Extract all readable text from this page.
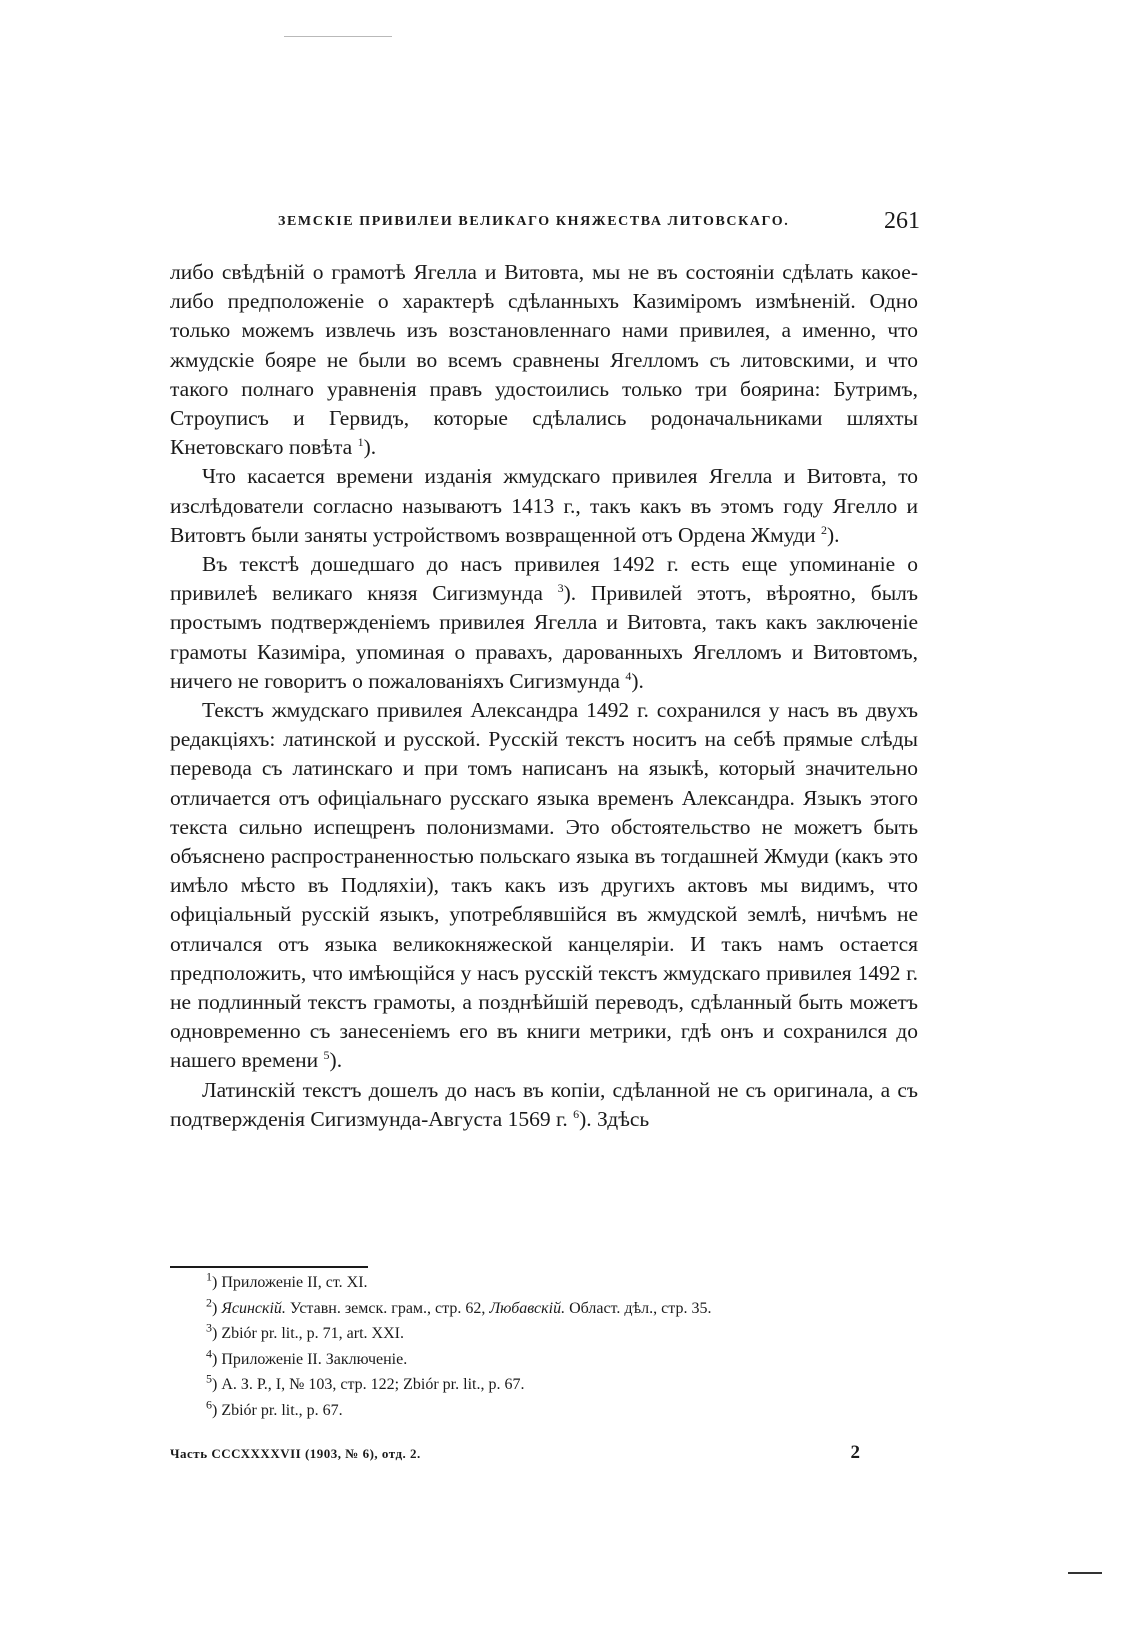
ЗЕМСКІЕ ПРИВИЛЕИ ВЕЛИКАГО КНЯЖЕСТВА ЛИТОВСКАГО.	261

либо свѣдѣній о грамотѣ Ягелла и Витовта, мы не въ состояніи сдѣлать какое-либо предположеніе о характерѣ сдѣланныхъ Казиміромъ измѣненій. Одно только можемъ извлечь изъ возстановленнаго нами привилея, а именно, что жмудскіе бояре не были во всемъ сравнены Ягелломъ съ литовскими, и что такого полнаго уравненія правъ удостоились только три боярина: Бутримъ, Строуписъ и Гервидъ, которые сдѣлались родоначальниками шляхты Кнетовскаго повѣта $^1$).

Что касается времени изданія жмудскаго привилея Ягелла и Витовта, то изслѣдователи согласно называютъ 1413 г., такъ какъ въ этомъ году Ягелло и Витовтъ были заняты устройствомъ возвращенной отъ Ордена Жмуди $^2$).

Въ текстѣ дошедшаго до насъ привилея 1492 г. есть еще упоминаніе о привилеѣ великаго князя Сигизмунда $^3$). Привилей этотъ, вѣроятно, былъ простымъ подтвержденіемъ привилея Ягелла и Витовта, такъ какъ заключеніе грамоты Казиміра, упоминая о правахъ, дарованныхъ Ягелломъ и Витовтомъ, ничего не говоритъ о пожалованіяхъ Сигизмунда $^4$).

Текстъ жмудскаго привилея Александра 1492 г. сохранился у насъ въ двухъ редакціяхъ: латинской и русской. Русскій текстъ носитъ на себѣ прямые слѣды перевода съ латинскаго и при томъ написанъ на языкѣ, который значительно отличается отъ офиціальнаго русскаго языка временъ Александра. Языкъ этого текста сильно испещренъ полонизмами. Это обстоятельство не можетъ быть объяснено распространенностью польскаго языка въ тогдашней Жмуди (какъ это имѣло мѣсто въ Подляхіи), такъ какъ изъ другихъ актовъ мы видимъ, что офиціальный русскій языкъ, употреблявшійся въ жмудской землѣ, ничѣмъ не отличался отъ языка великокняжеской канцеляріи. И такъ намъ остается предположить, что имѣющійся у насъ русскій текстъ жмудскаго привилея 1492 г. не подлинный текстъ грамоты, а позднѣйшій переводъ, сдѣланный быть можетъ одновременно съ занесеніемъ его въ книги метрики, гдѣ онъ и сохранился до нашего времени $^5$).

Латинскій текстъ дошелъ до насъ въ копіи, сдѣланной не съ оригинала, а съ подтвержденія Сигизмунда-Августа 1569 г. $^6$). Здѣсь

$^1$) Приложеніе II, ст. XI.
$^2$) Ясинскій. Уставн. земск. грам., стр. 62, Любавскій. Област. дѣл., стр. 35.
$^3$) Zbiór pr. lit., p. 71, art. XXI.
$^4$) Приложеніе II. Заключеніе.
$^5$) А. З. Р., I, № 103, стр. 122; Zbiór pr. lit., p. 67.
$^6$) Zbiór pr. lit., p. 67.
Часть СССХХХХVII (1903, № 6), отд. 2.	2
